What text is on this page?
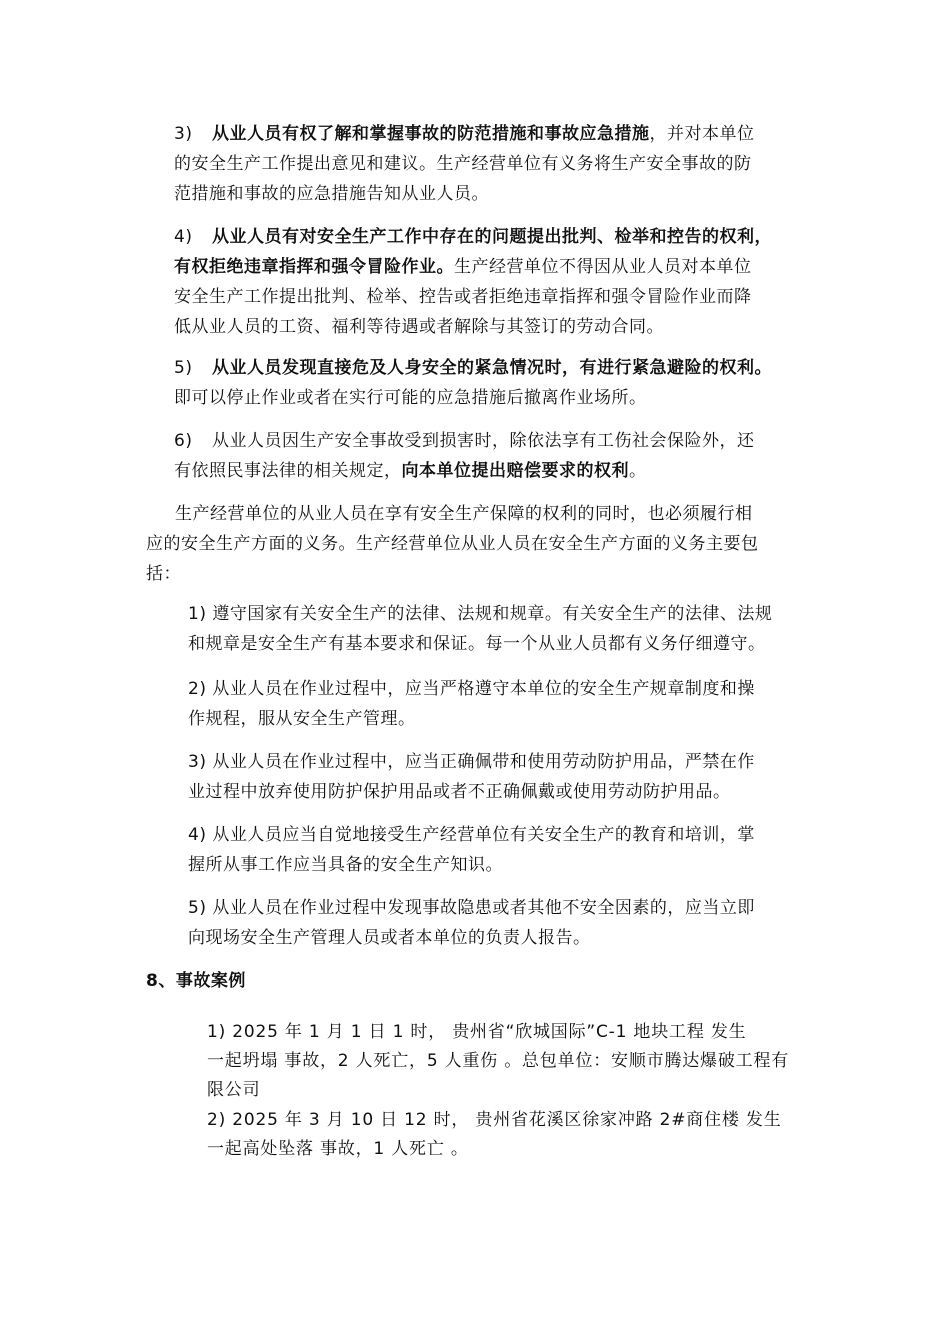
3) 从业人员有权了解和掌握事故的防范措施和事故应急措施，并对本单位
的安全生产工作提出意见和建议。生产经营单位有义务将生产安全事故的防
范措施和事故的应急措施告知从业人员。
4) 从业人员有对安全生产工作中存在的问题提出批判、检举和控告的权利，
有权拒绝违章指挥和强令冒险作业。生产经营单位不得因从业人员对本单位
安全生产工作提出批判、检举、控告或者拒绝违章指挥和强令冒险作业而降
低从业人员的工资、福利等待遇或者解除与其签订的劳动合同。
5) 从业人员发现直接危及人身安全的紧急情况时，有进行紧急避险的权利。
即可以停止作业或者在实行可能的应急措施后撤离作业场所。
6) 从业人员因生产安全事故受到损害时，除依法享有工伤社会保险外，还
有依照民事法律的相关规定，向本单位提出赔偿要求的权利。
生产经营单位的从业人员在享有安全生产保障的权利的同时，也必须履行相
应的安全生产方面的义务。生产经营单位从业人员在安全生产方面的义务主要包
括：
1) 遵守国家有关安全生产的法律、法规和规章。有关安全生产的法律、法规
和规章是安全生产有基本要求和保证。每一个从业人员都有义务仔细遵守。
2) 从业人员在作业过程中，应当严格遵守本单位的安全生产规章制度和操
作规程，服从安全生产管理。
3) 从业人员在作业过程中，应当正确佩带和使用劳动防护用品，严禁在作
业过程中放弃使用防护保护用品或者不正确佩戴或使用劳动防护用品。
4) 从业人员应当自觉地接受生产经营单位有关安全生产的教育和培训，掌
握所从事工作应当具备的安全生产知识。
5) 从业人员在作业过程中发现事故隐患或者其他不安全因素的，应当立即
向现场安全生产管理人员或者本单位的负责人报告。
8、事故案例
1) 2025 年 1 月 1 日 1 时， 贵州省“欣城国际”C-1 地块工程 发生
一起坍塌 事故，2 人死亡，5 人重伤 。总包单位：安顺市腾达爆破工程有
限公司
2) 2025 年 3 月 10 日 12 时， 贵州省花溪区徐家冲路 2#商住楼 发生
一起高处坠落 事故，1 人死亡 。
